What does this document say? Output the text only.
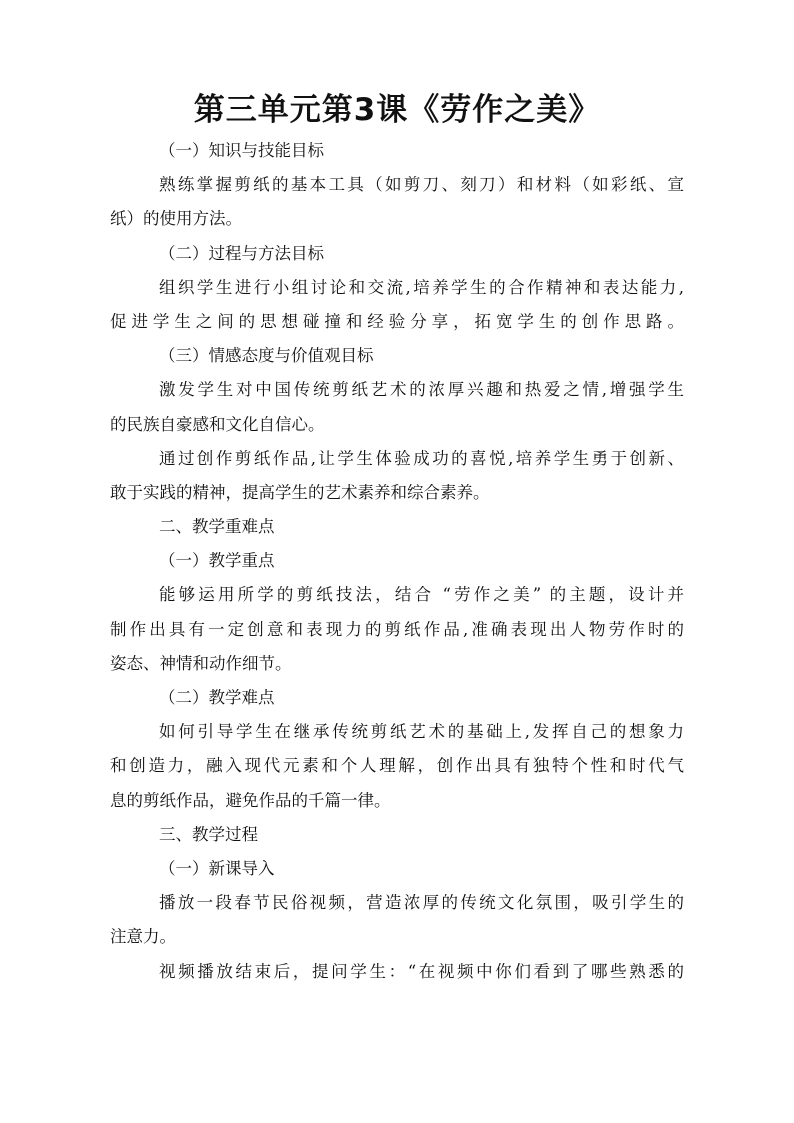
第三单元第3课《劳作之美》
（一）知识与技能目标
熟练掌握剪纸的基本工具（如剪刀、刻刀）和材料（如彩纸、宣
纸）的使用方法。
（二）过程与方法目标
组织学生进行小组讨论和交流,培养学生的合作精神和表达能力,
促进学生之间的思想碰撞和经验分享，拓宽学生的创作思路。
（三）情感态度与价值观目标
激发学生对中国传统剪纸艺术的浓厚兴趣和热爱之情,增强学生
的民族自豪感和文化自信心。
通过创作剪纸作品,让学生体验成功的喜悦,培养学生勇于创新、
敢于实践的精神，提高学生的艺术素养和综合素养。
二、教学重难点
（一）教学重点
能够运用所学的剪纸技法，结合 “劳作之美” 的主题，设计并
制作出具有一定创意和表现力的剪纸作品,准确表现出人物劳作时的
姿态、神情和动作细节。
（二）教学难点
如何引导学生在继承传统剪纸艺术的基础上,发挥自己的想象力
和创造力，融入现代元素和个人理解，创作出具有独特个性和时代气
息的剪纸作品，避免作品的千篇一律。
三、教学过程
（一）新课导入
播放一段春节民俗视频，营造浓厚的传统文化氛围，吸引学生的
注意力。
视频播放结束后，提问学生：“在视频中你们看到了哪些熟悉的
